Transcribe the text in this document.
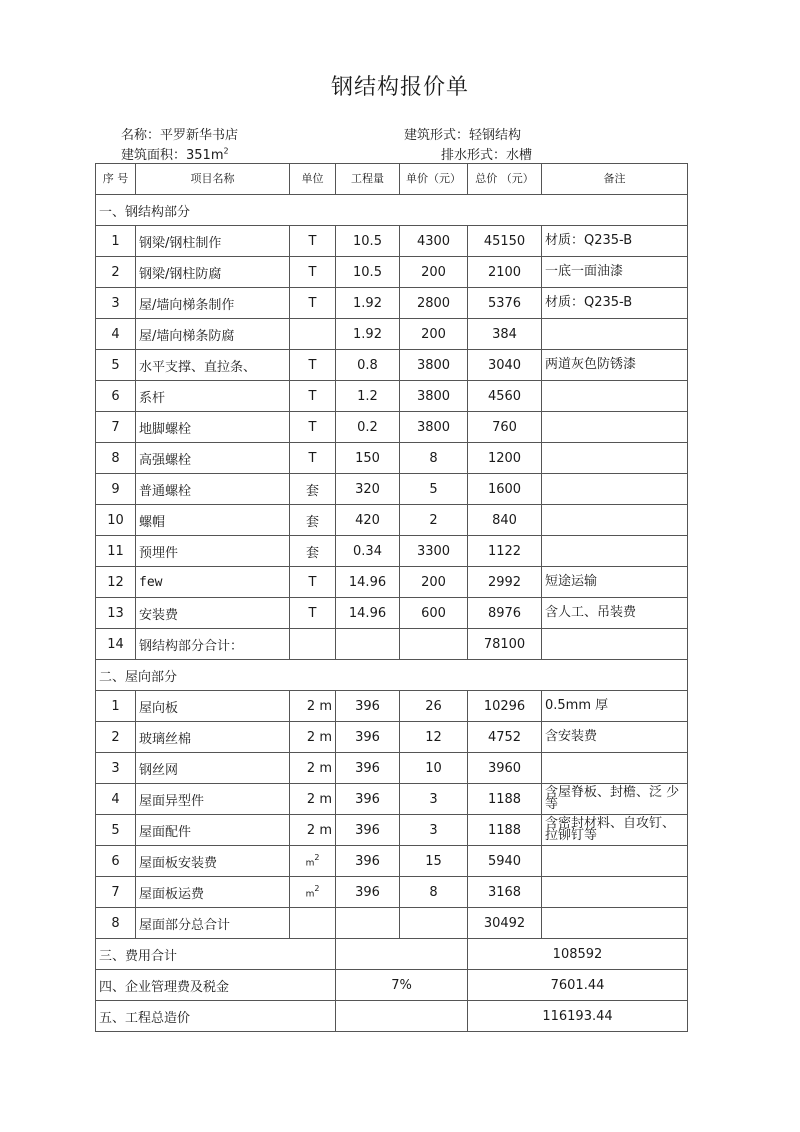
钢结构报价单
名称：平罗新华书店	建筑形式：轻钢结构
建筑面积：$351m^2$	排水形式：水槽
序 号	项目名称	单位	工程量	单价（元）	总价 （元）	备注
一、钢结构部分						
1	钢梁/钢柱制作	T	10.5	4300	45150	材质：Q235-B
2	钢梁/钢柱防腐	T	10.5	200	2100	一底一面油漆
3	屋/墙向梯条制作	T	1.92	2800	5376	材质：Q235-B
4	屋/墙向梯条防腐		1.92	200	384	
5	水平支撑、直拉条、	T	0.8	3800	3040	两道灰色防锈漆
6	系杆	T	1.2	3800	4560	
7	地脚螺栓	T	0.2	3800	760	
8	高强螺栓	T	150	8	1200	
9	普通螺栓	套	320	5	1600	
10	螺帽	套	420	2	840	
11	预埋件	套	0.34	3300	1122	
12	few	T	14.96	200	2992	短途运输
13	安装费	T	14.96	600	8976	含人工、吊装费
14	钢结构部分合计：				78100	
二、屋向部分						
1	屋向板	2 m	396	26	10296	0.5mm 厚
2	玻璃丝棉	2 m	396	12	4752	含安装费
3	钢丝网	2 m	396	10	3960	
4	屋面异型件	2 m	396	3	1188	含屋脊板、封檐、泛 少等
5	屋面配件	2 m	396	3	1188	含密封材料、自攻钉、拉铆钉等
6	屋面板安装费	$m^2$	396	15	5940	
7	屋面板运费	$m^2$	396	8	3168	
8	屋面部分总合计				30492	
三、费用合计					108592	
四、企业管理费及税金			7%		7601.44	
五、工程总造价					116193.44	
